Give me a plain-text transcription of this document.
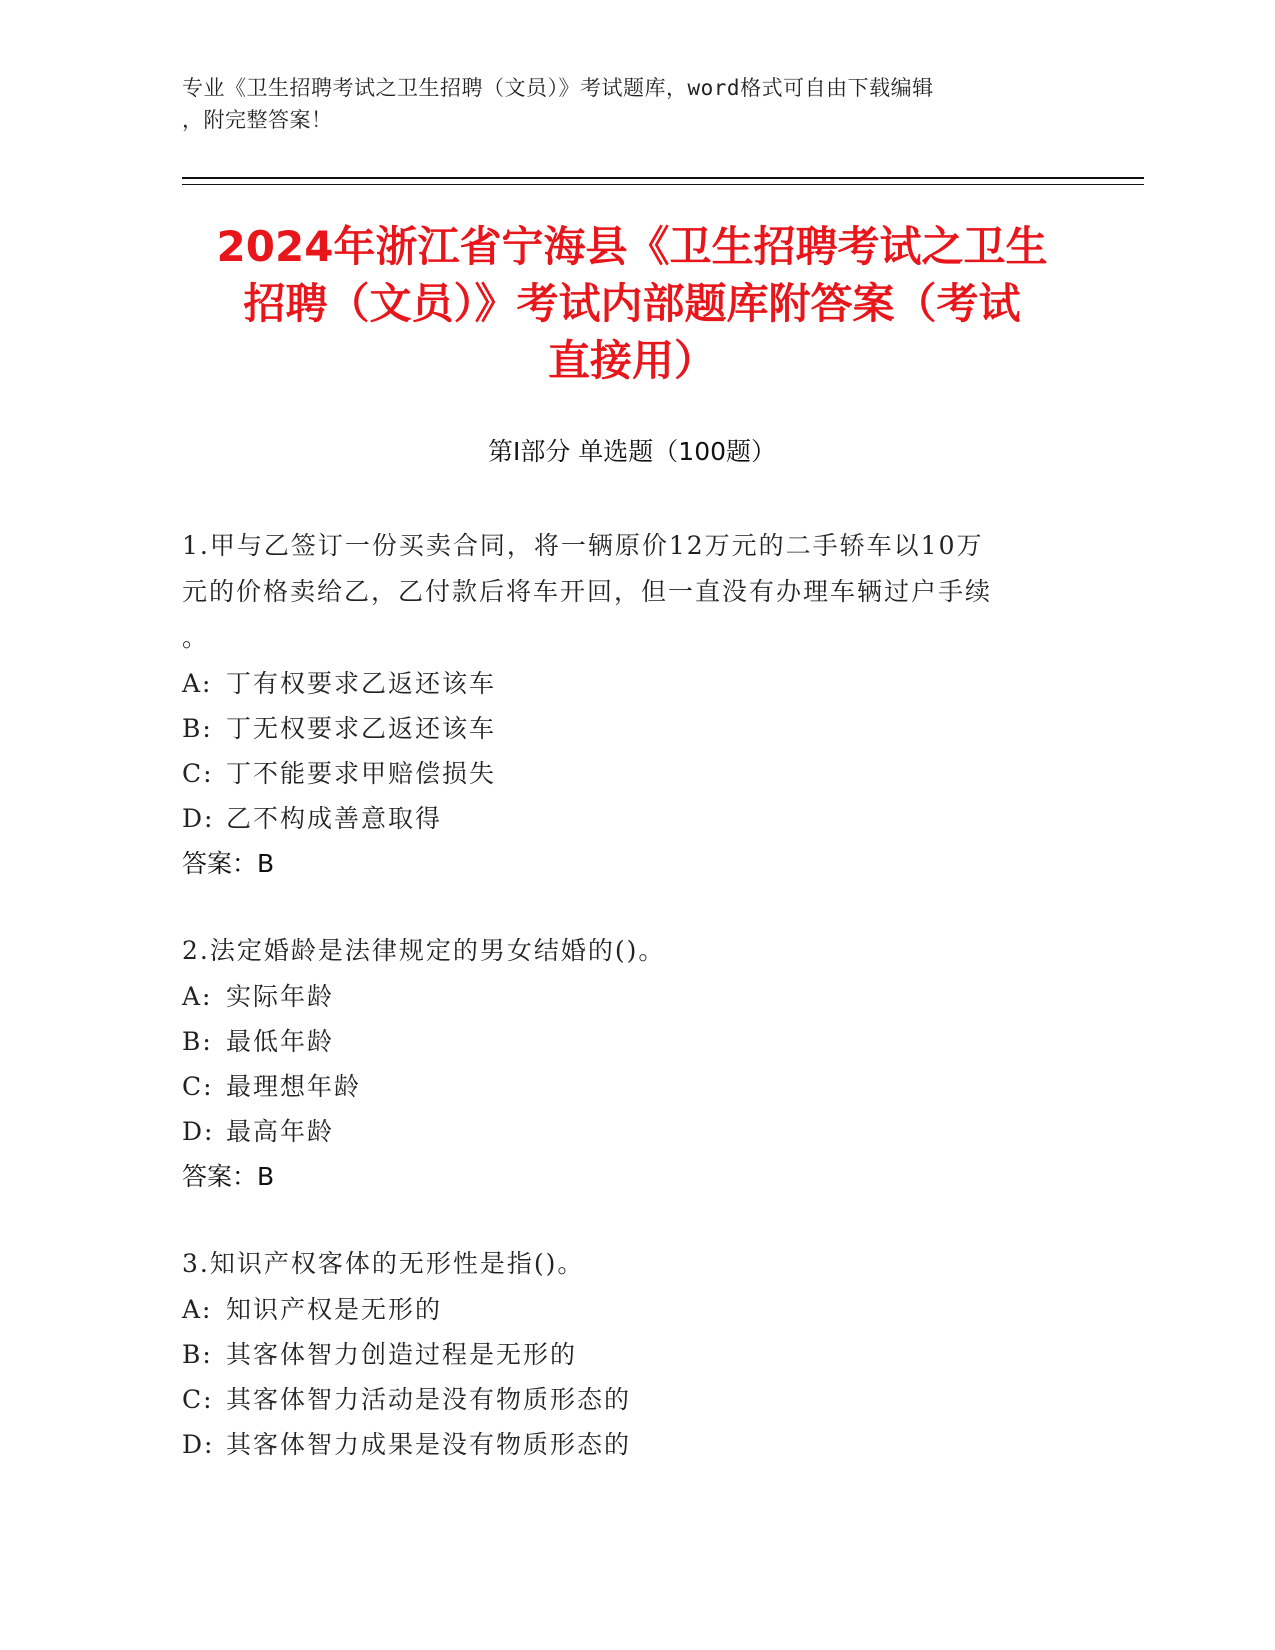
专业《卫生招聘考试之卫生招聘（文员）》考试题库，word格式可自由下载编辑
，附完整答案！
2024年浙江省宁海县《卫生招聘考试之卫生
招聘（文员）》考试内部题库附答案（考试
直接用）
第I部分 单选题（100题）
1.甲与乙签订一份买卖合同，将一辆原价12万元的二手轿车以10万
元的价格卖给乙，乙付款后将车开回，但一直没有办理车辆过户手续
。
A: 丁有权要求乙返还该车
B: 丁无权要求乙返还该车
C: 丁不能要求甲赔偿损失
D: 乙不构成善意取得
答案：B
2.法定婚龄是法律规定的男女结婚的()。
A: 实际年龄
B: 最低年龄
C: 最理想年龄
D: 最高年龄
答案：B
3.知识产权客体的无形性是指()。
A: 知识产权是无形的
B: 其客体智力创造过程是无形的
C: 其客体智力活动是没有物质形态的
D: 其客体智力成果是没有物质形态的
